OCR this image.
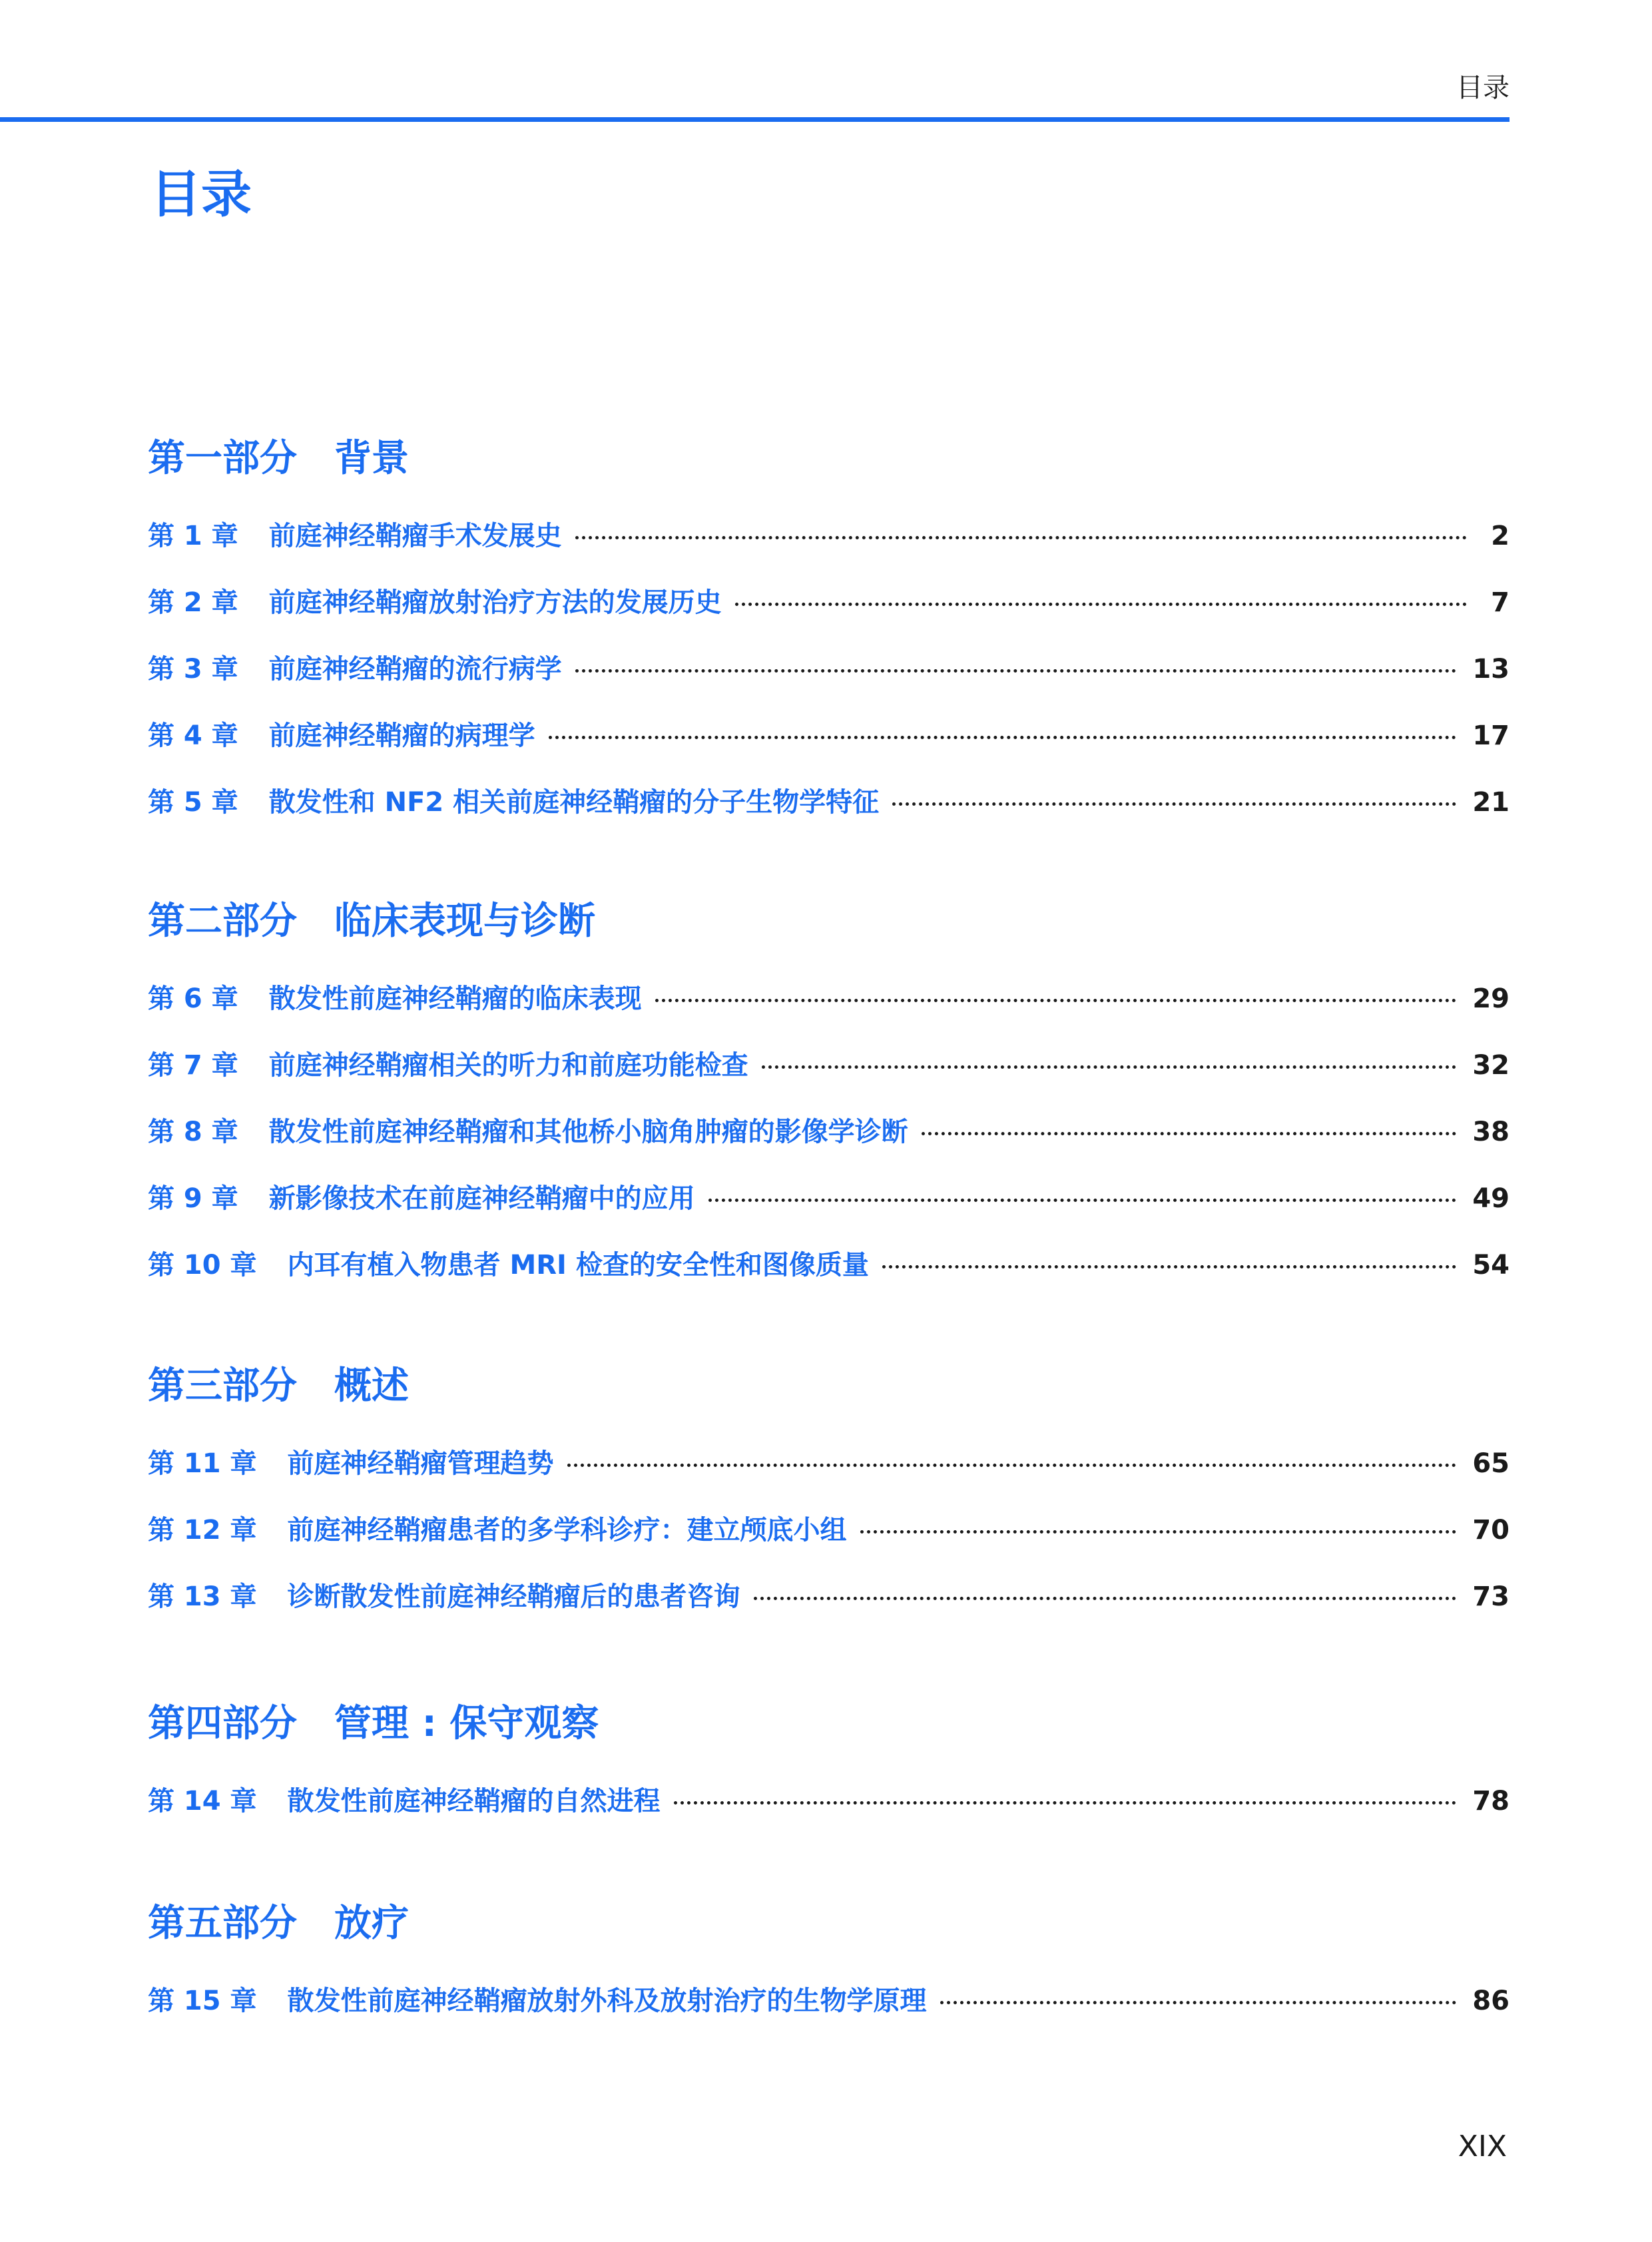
目录
目录
第一部分　背景
第 1 章 前庭神经鞘瘤手术发展史	2
第 2 章 前庭神经鞘瘤放射治疗方法的发展历史	7
第 3 章 前庭神经鞘瘤的流行病学	13
第 4 章 前庭神经鞘瘤的病理学	17
第 5 章 散发性和 NF2 相关前庭神经鞘瘤的分子生物学特征	21
第二部分　临床表现与诊断
第 6 章 散发性前庭神经鞘瘤的临床表现	29
第 7 章 前庭神经鞘瘤相关的听力和前庭功能检查	32
第 8 章 散发性前庭神经鞘瘤和其他桥小脑角肿瘤的影像学诊断	38
第 9 章 新影像技术在前庭神经鞘瘤中的应用	49
第 10 章 内耳有植入物患者 MRI 检查的安全性和图像质量	54
第三部分　概述
第 11 章 前庭神经鞘瘤管理趋势	65
第 12 章 前庭神经鞘瘤患者的多学科诊疗：建立颅底小组	70
第 13 章 诊断散发性前庭神经鞘瘤后的患者咨询	73
第四部分　管理 : 保守观察
第 14 章 散发性前庭神经鞘瘤的自然进程	78
第五部分　放疗
第 15 章 散发性前庭神经鞘瘤放射外科及放射治疗的生物学原理	86
XIX
